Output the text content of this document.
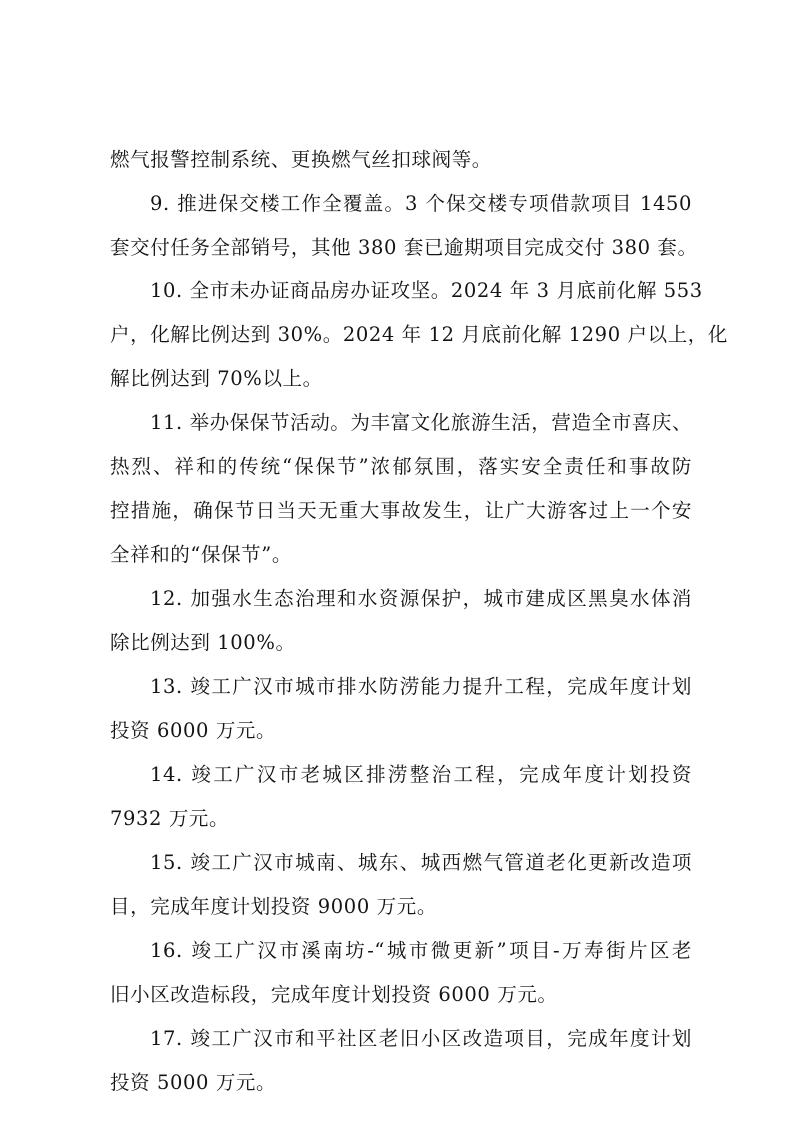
燃气报警控制系统、更换燃气丝扣球阀等。
9. 推进保交楼工作全覆盖。3 个保交楼专项借款项目 1450
套交付任务全部销号，其他 380 套已逾期项目完成交付 380 套。
10. 全市未办证商品房办证攻坚。2024 年 3 月底前化解 553
户，化解比例达到 30%。2024 年 12 月底前化解 1290 户以上，化
解比例达到 70%以上。
11. 举办保保节活动。为丰富文化旅游生活，营造全市喜庆、
热烈、祥和的传统“保保节”浓郁氛围，落实安全责任和事故防
控措施，确保节日当天无重大事故发生，让广大游客过上一个安
全祥和的“保保节”。
12. 加强水生态治理和水资源保护，城市建成区黑臭水体消
除比例达到 100%。
13. 竣工广汉市城市排水防涝能力提升工程，完成年度计划
投资 6000 万元。
14. 竣工广汉市老城区排涝整治工程，完成年度计划投资
7932 万元。
15. 竣工广汉市城南、城东、城西燃气管道老化更新改造项
目，完成年度计划投资 9000 万元。
16. 竣工广汉市溪南坊-“城市微更新”项目-万寿街片区老
旧小区改造标段，完成年度计划投资 6000 万元。
17. 竣工广汉市和平社区老旧小区改造项目，完成年度计划
投资 5000 万元。
